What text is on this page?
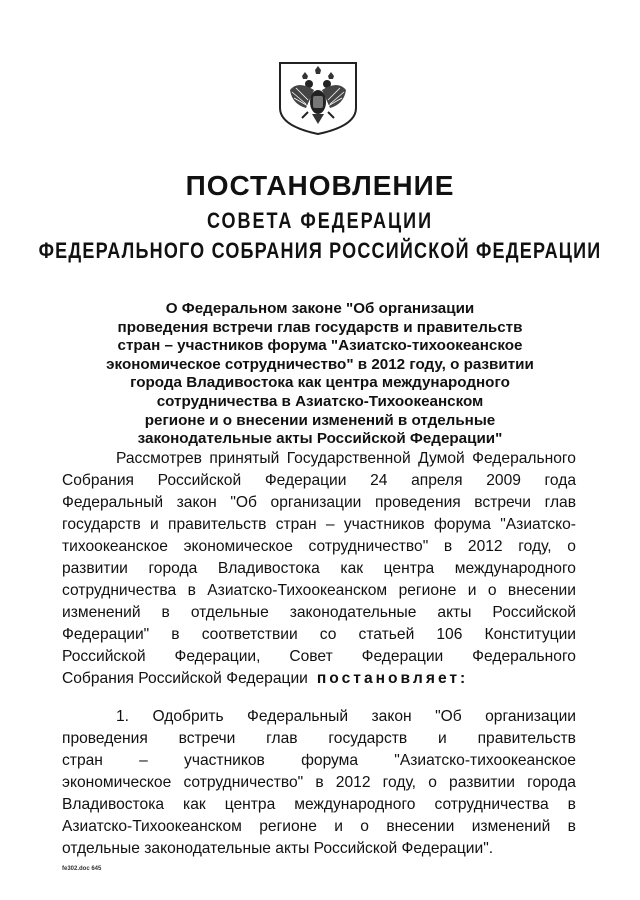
ПОСТАНОВЛЕНИЕ
СОВЕТА ФЕДЕРАЦИИ
ФЕДЕРАЛЬНОГО СОБРАНИЯ РОССИЙСКОЙ ФЕДЕРАЦИИ
О Федеральном законе "Об организации
проведения встречи глав государств и правительств
стран – участников форума "Азиатско-тихоокеанское
экономическое сотрудничество" в 2012 году, о развитии
города Владивостока как центра международного
сотрудничества в Азиатско-Тихоокеанском
регионе и о внесении изменений в отдельные
законодательные акты Российской Федерации"
Рассмотрев принятый Государственной Думой Федерального
Собрания Российской Федерации 24 апреля 2009 года
Федеральный закон "Об организации проведения встречи глав
государств и правительств стран – участников форума "Азиатско-
тихоокеанское экономическое сотрудничество" в 2012 году, о
развитии города Владивостока как центра международного
сотрудничества в Азиатско-Тихоокеанском регионе и о внесении
изменений в отдельные законодательные акты Российской
Федерации" в соответствии со статьей 106 Конституции
Российской Федерации, Совет Федерации Федерального
Собрания Российской Федерации постановляет:
1. Одобрить Федеральный закон "Об организации
проведения встречи глав государств и правительств
стран – участников форума "Азиатско-тихоокеанское
экономическое сотрудничество" в 2012 году, о развитии города
Владивостока как центра международного сотрудничества в
Азиатско-Тихоокеанском регионе и о внесении изменений в
отдельные законодательные акты Российской Федерации".
fe302.doc 645
